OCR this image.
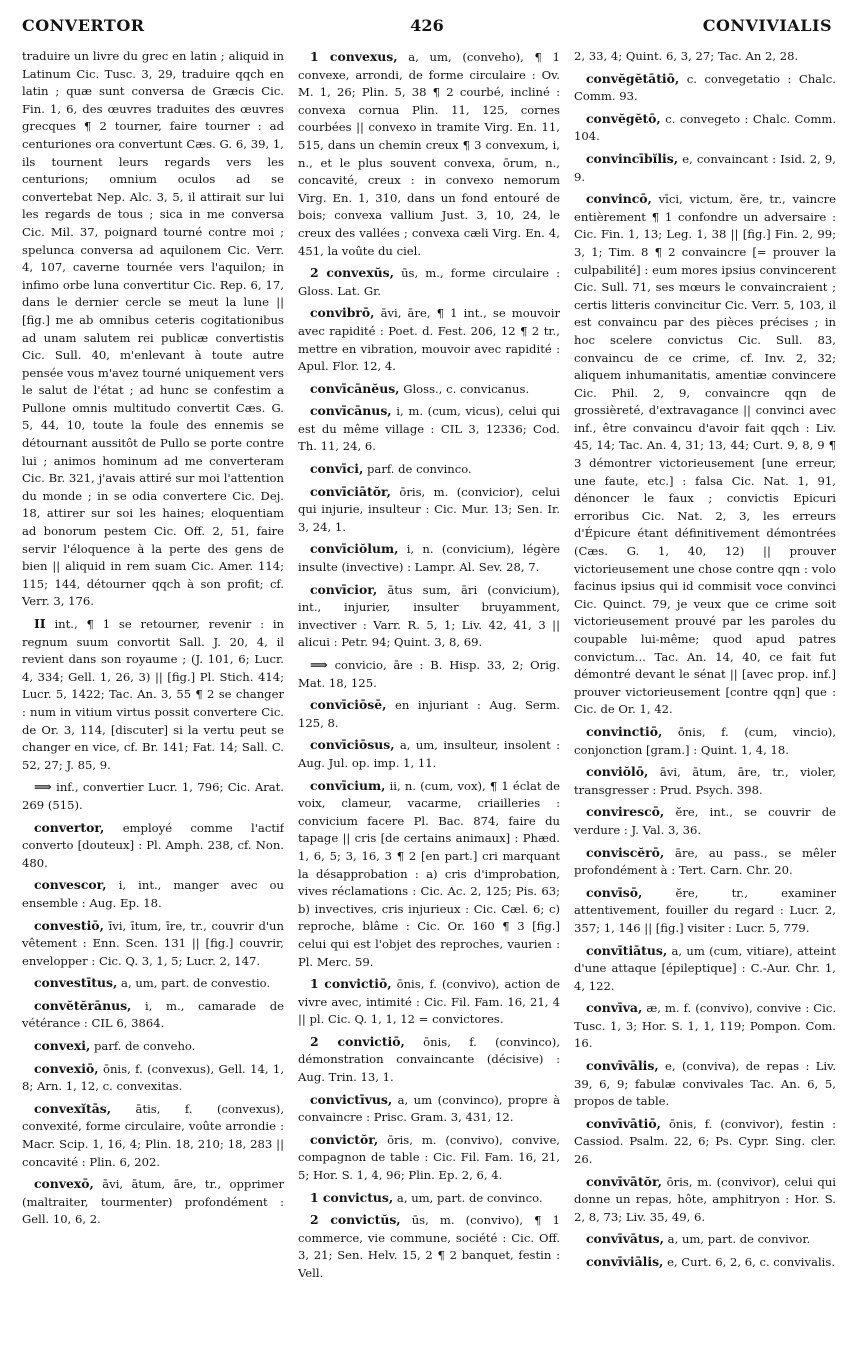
CONVERTOR	426	CONVIVIALIS

traduire un livre du grec en latin ; aliquid in Latinum Cic. Tusc. 3, 29, traduire qqch en latin ; quæ sunt conversa de Græcis Cic. Fin. 1, 6, des œuvres traduites des œuvres grecques ¶ 2 tourner, faire tourner : ad centuriones ora convertunt Cæs. G. 6, 39, 1, ils tournent leurs regards vers les centurions; omnium oculos ad se convertebat Nep. Alc. 3, 5, il attirait sur lui les regards de tous ; sica in me conversa Cic. Mil. 37, poignard tourné contre moi ; spelunca conversa ad aquilonem Cic. Verr. 4, 107, caverne tournée vers l'aquilon; in infimo orbe luna convertitur Cic. Rep. 6, 17, dans le dernier cercle se meut la lune || [fig.] me ab omnibus ceteris cogitationibus ad unam salutem rei publicæ convertistis Cic. Sull. 40, m'enlevant à toute autre pensée vous m'avez tourné uniquement vers le salut de l'état ; ad hunc se confestim a Pullone omnis multitudo convertit Cæs. G. 5, 44, 10, toute la foule des ennemis se détournant aussitôt de Pullo se porte contre lui ; animos hominum ad me converteram Cic. Br. 321, j'avais attiré sur moi l'attention du monde ; in se odia convertere Cic. Dej. 18, attirer sur soi les haines; eloquentiam ad bonorum pestem Cic. Off. 2, 51, faire servir l'éloquence à la perte des gens de bien || aliquid in rem suam Cic. Amer. 114; 115; 144, détourner qqch à son profit; cf. Verr. 3, 176.

II int., ¶ 1 se retourner, revenir : in regnum suum convortit Sall. J. 20, 4, il revient dans son royaume ; (J. 101, 6; Lucr. 4, 334; Gell. 1, 26, 3) || [fig.] Pl. Stich. 414; Lucr. 5, 1422; Tac. An. 3, 55 ¶ 2 se changer : num in vitium virtus possit convertere Cic. de Or. 3, 114, [discuter] si la vertu peut se changer en vice, cf. Br. 141; Fat. 14; Sall. C. 52, 27; J. 85, 9.

⟹ inf., convertier Lucr. 1, 796; Cic. Arat. 269 (515).

convertor, employé comme l'actif converto [douteux] : Pl. Amph. 238, cf. Non. 480.

convescor, i, int., manger avec ou ensemble : Aug. Ep. 18.

convestiō, īvi, ītum, īre, tr., couvrir d'un vêtement : Enn. Scen. 131 || [fig.] couvrir, envelopper : Cic. Q. 3, 1, 5; Lucr. 2, 147.

convestītus, a, um, part. de convestio.

convĕtĕrānus, i, m., camarade de vétérance : CIL 6, 3864.

convexi, parf. de conveho.

convexiō, ōnis, f. (convexus), Gell. 14, 1, 8; Arn. 1, 12, c. convexitas.

convexĭtās, ātis, f. (convexus), convexité, forme circulaire, voûte arrondie : Macr. Scip. 1, 16, 4; Plin. 18, 210; 18, 283 || concavité : Plin. 6, 202.

convexō, āvi, ātum, āre, tr., opprimer (maltraiter, tourmenter) profondément : Gell. 10, 6, 2.

1 convexus, a, um, (conveho), ¶ 1 convexe, arrondi, de forme circulaire : Ov. M. 1, 26; Plin. 5, 38 ¶ 2 courbé, incliné : convexa cornua Plin. 11, 125, cornes courbées || convexo in tramite Virg. En. 11, 515, dans un chemin creux ¶ 3 convexum, i, n., et le plus souvent convexa, ōrum, n., concavité, creux : in convexo nemorum Virg. En. 1, 310, dans un fond entouré de bois; convexa vallium Just. 3, 10, 24, le creux des vallées ; convexa cæli Virg. En. 4, 451, la voûte du ciel.

2 convexŭs, ūs, m., forme circulaire : Gloss. Lat. Gr.

convibrō, āvi, āre, ¶ 1 int., se mouvoir avec rapidité : Poet. d. Fest. 206, 12 ¶ 2 tr., mettre en vibration, mouvoir avec rapidité : Apul. Flor. 12, 4.

convīcānĕus, Gloss., c. convicanus.

convīcānus, i, m. (cum, vicus), celui qui est du même village : CIL 3, 12336; Cod. Th. 11, 24, 6.

convīci, parf. de convinco.

convīciātŏr, ōris, m. (convicior), celui qui injurie, insulteur : Cic. Mur. 13; Sen. Ir. 3, 24, 1.

convīciŏlum, i, n. (convicium), légère insulte (invective) : Lampr. Al. Sev. 28, 7.

convīcior, ātus sum, āri (convicium), int., injurier, insulter bruyamment, invectiver : Varr. R. 5, 1; Liv. 42, 41, 3 || alicui : Petr. 94; Quint. 3, 8, 69.

⟹ convicio, āre : B. Hisp. 33, 2; Orig. Mat. 18, 125.

convīciōsē, en injuriant : Aug. Serm. 125, 8.

convīciōsus, a, um, insulteur, insolent : Aug. Jul. op. imp. 1, 11.

convīcium, ii, n. (cum, vox), ¶ 1 éclat de voix, clameur, vacarme, criailleries : convicium facere Pl. Bac. 874, faire du tapage || cris [de certains animaux] : Phæd. 1, 6, 5; 3, 16, 3 ¶ 2 [en part.] cri marquant la désapprobation : a) cris d'improbation, vives réclamations : Cic. Ac. 2, 125; Pis. 63; b) invectives, cris injurieux : Cic. Cæl. 6; c) reproche, blâme : Cic. Or. 160 ¶ 3 [fig.] celui qui est l'objet des reproches, vaurien : Pl. Merc. 59.

1 convictiō, ōnis, f. (convivo), action de vivre avec, intimité : Cic. Fil. Fam. 16, 21, 4 || pl. Cic. Q. 1, 1, 12 = convictores.

2 convictiō, ōnis, f. (convinco), démonstration convaincante (décisive) : Aug. Trin. 13, 1.

convictīvus, a, um (convinco), propre à convaincre : Prisc. Gram. 3, 431, 12.

convictŏr, ōris, m. (convivo), convive, compagnon de table : Cic. Fil. Fam. 16, 21, 5; Hor. S. 1, 4, 96; Plin. Ep. 2, 6, 4.

1 convictus, a, um, part. de convinco.

2 convictŭs, ūs, m. (convivo), ¶ 1 commerce, vie commune, société : Cic. Off. 3, 21; Sen. Helv. 15, 2 ¶ 2 banquet, festin : Vell.

2, 33, 4; Quint. 6, 3, 27; Tac. An 2, 28.

convĕgĕtātiō, c. convegetatio : Chalc. Comm. 93.

convĕgĕtō, c. convegeto : Chalc. Comm. 104.

convincībĭlis, e, convaincant : Isid. 2, 9, 9.

convincō, vīci, victum, ĕre, tr., vaincre entièrement ¶ 1 confondre un adversaire : Cic. Fin. 1, 13; Leg. 1, 38 || [fig.] Fin. 2, 99; 3, 1; Tim. 8 ¶ 2 convaincre [= prouver la culpabilité] : eum mores ipsius convincerent Cic. Sull. 71, ses mœurs le convaincraient ; certis litteris convincitur Cic. Verr. 5, 103, il est convaincu par des pièces précises ; in hoc scelere convictus Cic. Sull. 83, convaincu de ce crime, cf. Inv. 2, 32; aliquem inhumanitatis, amentiæ convincere Cic. Phil. 2, 9, convaincre qqn de grossièreté, d'extravagance || convinci avec inf., être convaincu d'avoir fait qqch : Liv. 45, 14; Tac. An. 4, 31; 13, 44; Curt. 9, 8, 9 ¶ 3 démontrer victorieusement [une erreur, une faute, etc.] : falsa Cic. Nat. 1, 91, dénoncer le faux ; convictis Epicuri erroribus Cic. Nat. 2, 3, les erreurs d'Épicure étant définitivement démontrées (Cæs. G. 1, 40, 12) || prouver victorieusement une chose contre qqn : volo facinus ipsius qui id commisit voce convinci Cic. Quinct. 79, je veux que ce crime soit victorieusement prouvé par les paroles du coupable lui-même; quod apud patres convictum... Tac. An. 14, 40, ce fait fut démontré devant le sénat || [avec prop. inf.] prouver victorieusement [contre qqn] que : Cic. de Or. 1, 42.

convinctiō, ōnis, f. (cum, vincio), conjonction [gram.] : Quint. 1, 4, 18.

conviŏlō, āvi, ātum, āre, tr., violer, transgresser : Prud. Psych. 398.

convirescō, ĕre, int., se couvrir de verdure : J. Val. 3, 36.

conviscĕrō, āre, au pass., se mêler profondément à : Tert. Carn. Chr. 20.

convīsō,	ĕre, tr., examiner attentivement, fouiller du regard : Lucr. 2, 357; 1, 146 || [fig.] visiter : Lucr. 5, 779.

convītiātus, a, um (cum, vitiare), atteint d'une attaque [épileptique] : C.-Aur. Chr. 1, 4, 122.

convīva, æ, m. f. (convivo), convive : Cic. Tusc. 1, 3; Hor. S. 1, 1, 119; Pompon. Com. 16.

convīvālis, e, (conviva), de repas : Liv. 39, 6, 9; fabulæ convivales Tac. An. 6, 5, propos de table.

convīvātiō, ōnis, f. (convivor), festin : Cassiod. Psalm. 22, 6; Ps. Cypr. Sing. cler. 26.

convīvātŏr, ōris, m. (convivor), celui qui donne un repas, hôte, amphitryon : Hor. S. 2, 8, 73; Liv. 35, 49, 6.

convīvātus, a, um, part. de convivor.

convīviālis, e, Curt. 6, 2, 6, c. convivalis.
